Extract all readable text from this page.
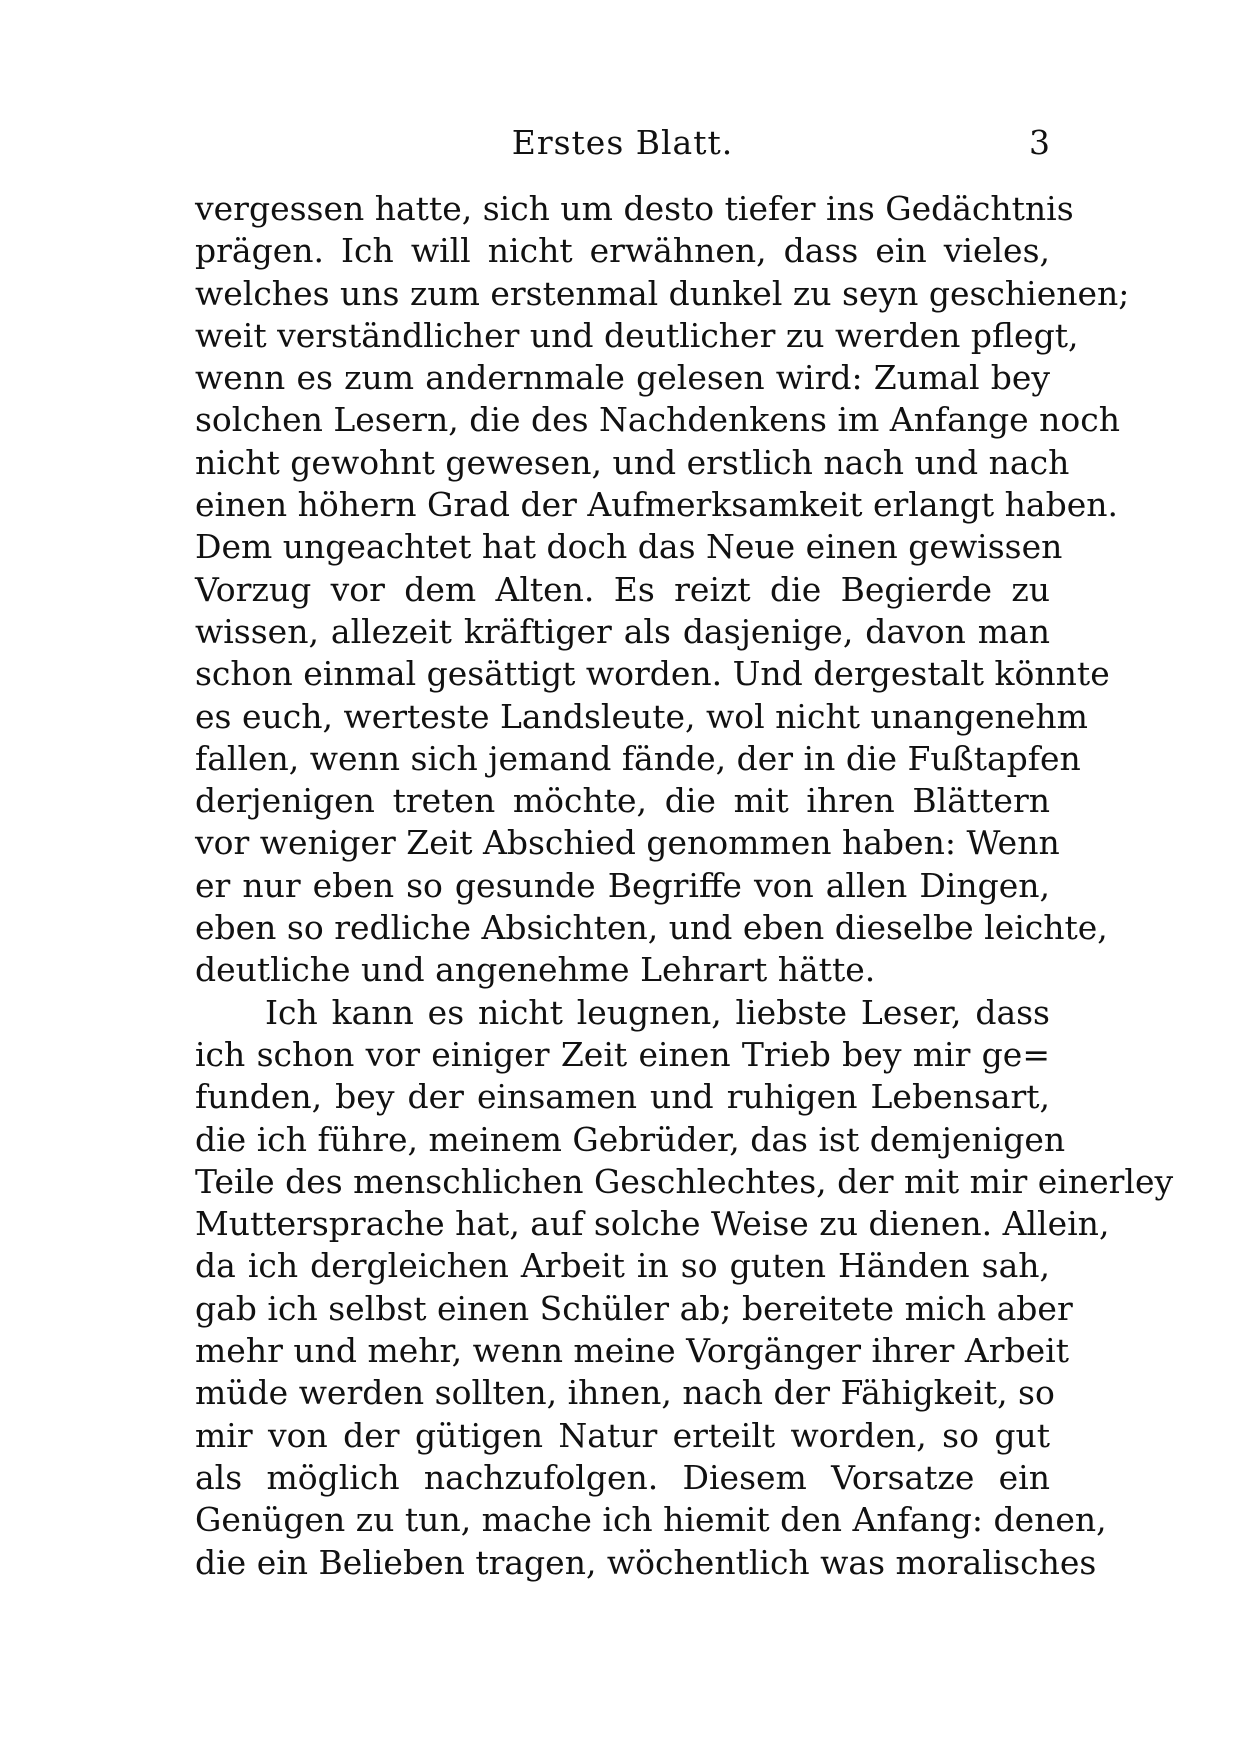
Erstes Blatt.	3
vergessen hatte, sich um desto tiefer ins Gedächtnis
prägen. Ich will nicht erwähnen, dass ein vieles,
welches uns zum erstenmal dunkel zu seyn geschienen;
weit verständlicher und deutlicher zu werden pflegt,
wenn es zum andernmale gelesen wird: Zumal bey
solchen Lesern, die des Nachdenkens im Anfange noch
nicht gewohnt gewesen, und erstlich nach und nach
einen höhern Grad der Aufmerksamkeit erlangt haben.
Dem ungeachtet hat doch das Neue einen gewissen
Vorzug vor dem Alten. Es reizt die Begierde zu
wissen, allezeit kräftiger als dasjenige, davon man
schon einmal gesättigt worden. Und dergestalt könnte
es euch, werteste Landsleute, wol nicht unangenehm
fallen, wenn sich jemand fände, der in die Fußtapfen
derjenigen treten möchte, die mit ihren Blättern
vor weniger Zeit Abschied genommen haben: Wenn
er nur eben so gesunde Begriffe von allen Dingen,
eben so redliche Absichten, und eben dieselbe leichte,
deutliche und angenehme Lehrart hätte.
Ich kann es nicht leugnen, liebste Leser, dass
ich schon vor einiger Zeit einen Trieb bey mir ge=
funden, bey der einsamen und ruhigen Lebensart,
die ich führe, meinem Gebrüder, das ist demjenigen
Teile des menschlichen Geschlechtes, der mit mir einerley
Muttersprache hat, auf solche Weise zu dienen. Allein,
da ich dergleichen Arbeit in so guten Händen sah,
gab ich selbst einen Schüler ab; bereitete mich aber
mehr und mehr, wenn meine Vorgänger ihrer Arbeit
müde werden sollten, ihnen, nach der Fähigkeit, so
mir von der gütigen Natur erteilt worden, so gut
als möglich nachzufolgen. Diesem Vorsatze ein
Genügen zu tun, mache ich hiemit den Anfang: denen,
die ein Belieben tragen, wöchentlich was moralisches
